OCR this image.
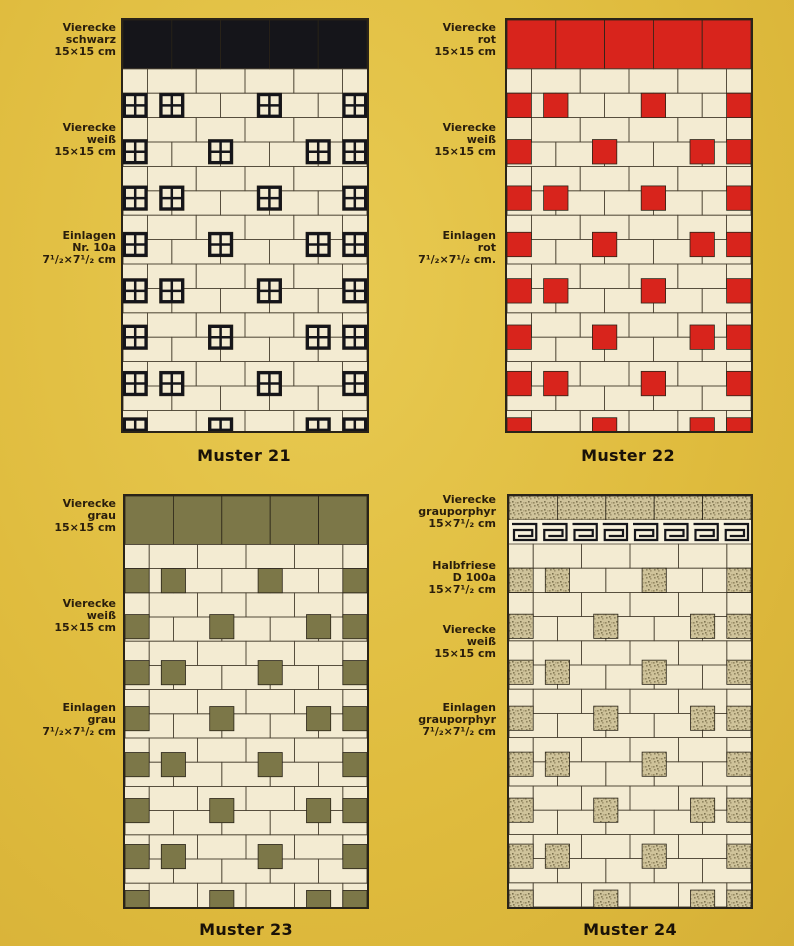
Vierecke
schwarz
15×15 cm
Vierecke
weiß
15×15 cm
Einlagen
Nr. 10a
7¹/₂×7¹/₂ cm
Muster 21
Vierecke
rot
15×15 cm
Vierecke
weiß
15×15 cm
Einlagen
rot
7¹/₂×7¹/₂ cm.
Muster 22
Vierecke
grau
15×15 cm
Vierecke
weiß
15×15 cm
Einlagen
grau
7¹/₂×7¹/₂ cm
Muster 23
Vierecke
grauporphyr
15×7¹/₂ cm
Halbfriese
D 100a
15×7¹/₂ cm
Vierecke
weiß
15×15 cm
Einlagen
grauporphyr
7¹/₂×7¹/₂ cm
Muster 24
